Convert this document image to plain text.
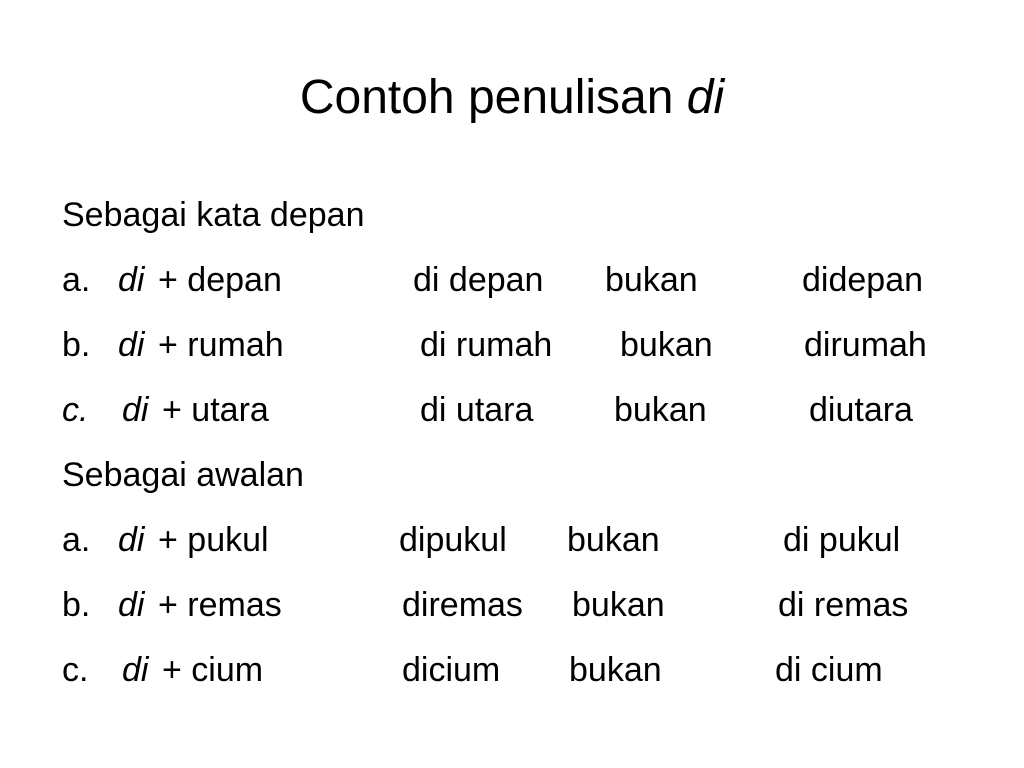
Contoh penulisan di
Sebagai kata depan
a. di + depan	di depan bukan	didepan
b. di + rumah	di rumah bukan	dirumah
c. di + utara	di utara bukan	diutara
Sebagai awalan
a. di + pukul	dipukul bukan	di pukul
b. di + remas	diremas bukan	di remas
c. di + cium	dicium bukan	di cium
